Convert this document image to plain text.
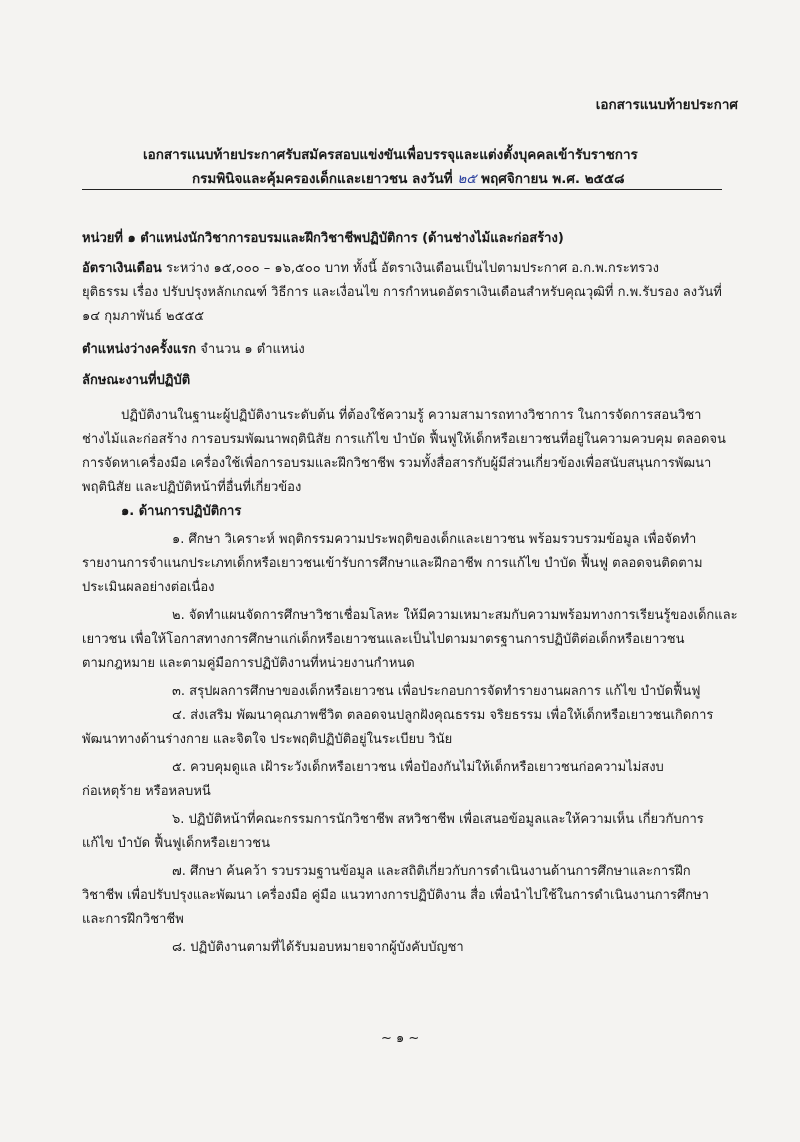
เอกสารแนบท้ายประกาศ
เอกสารแนบท้ายประกาศรับสมัครสอบแข่งขันเพื่อบรรจุและแต่งตั้งบุคคลเข้ารับราชการ
กรมพินิจและคุ้มครองเด็กและเยาวชน ลงวันที่ ๒๕ พฤศจิกายน พ.ศ. ๒๕๕๘
หน่วยที่ ๑ ตำแหน่งนักวิชาการอบรมและฝึกวิชาชีพปฏิบัติการ (ด้านช่างไม้และก่อสร้าง)
อัตราเงินเดือน ระหว่าง ๑๕,๐๐๐ – ๑๖,๕๐๐ บาท ทั้งนี้ อัตราเงินเดือนเป็นไปตามประกาศ อ.ก.พ.กระทรวง
ยุติธรรม เรื่อง ปรับปรุงหลักเกณฑ์ วิธีการ และเงื่อนไข การกำหนดอัตราเงินเดือนสำหรับคุณวุฒิที่ ก.พ.รับรอง ลงวันที่
๑๔ กุมภาพันธ์ ๒๕๕๕
ตำแหน่งว่างครั้งแรก จำนวน ๑ ตำแหน่ง
ลักษณะงานที่ปฏิบัติ
ปฏิบัติงานในฐานะผู้ปฏิบัติงานระดับต้น ที่ต้องใช้ความรู้ ความสามารถทางวิชาการ ในการจัดการสอนวิชา
ช่างไม้และก่อสร้าง การอบรมพัฒนาพฤตินิสัย การแก้ไข บำบัด ฟื้นฟูให้เด็กหรือเยาวชนที่อยู่ในความควบคุม ตลอดจน
การจัดหาเครื่องมือ เครื่องใช้เพื่อการอบรมและฝึกวิชาชีพ รวมทั้งสื่อสารกับผู้มีส่วนเกี่ยวข้องเพื่อสนับสนุนการพัฒนา
พฤตินิสัย และปฏิบัติหน้าที่อื่นที่เกี่ยวข้อง
๑. ด้านการปฏิบัติการ
๑. ศึกษา วิเคราะห์ พฤติกรรมความประพฤติของเด็กและเยาวชน พร้อมรวบรวมข้อมูล เพื่อจัดทำ
รายงานการจำแนกประเภทเด็กหรือเยาวชนเข้ารับการศึกษาและฝึกอาชีพ การแก้ไข บำบัด ฟื้นฟู ตลอดจนติดตาม
ประเมินผลอย่างต่อเนื่อง
๒. จัดทำแผนจัดการศึกษาวิชาเชื่อมโลหะ ให้มีความเหมาะสมกับความพร้อมทางการเรียนรู้ของเด็กและ
เยาวชน เพื่อให้โอกาสทางการศึกษาแก่เด็กหรือเยาวชนและเป็นไปตามมาตรฐานการปฏิบัติต่อเด็กหรือเยาวชน
ตามกฎหมาย และตามคู่มือการปฏิบัติงานที่หน่วยงานกำหนด
๓. สรุปผลการศึกษาของเด็กหรือเยาวชน เพื่อประกอบการจัดทำรายงานผลการ แก้ไข บำบัดฟื้นฟู
๔. ส่งเสริม พัฒนาคุณภาพชีวิต ตลอดจนปลูกฝังคุณธรรม จริยธรรม เพื่อให้เด็กหรือเยาวชนเกิดการ
พัฒนาทางด้านร่างกาย และจิตใจ ประพฤติปฏิบัติอยู่ในระเบียบ วินัย
๕. ควบคุมดูแล เฝ้าระวังเด็กหรือเยาวชน เพื่อป้องกันไม่ให้เด็กหรือเยาวชนก่อความไม่สงบ
ก่อเหตุร้าย หรือหลบหนี
๖. ปฏิบัติหน้าที่คณะกรรมการนักวิชาชีพ สหวิชาชีพ เพื่อเสนอข้อมูลและให้ความเห็น เกี่ยวกับการ
แก้ไข บำบัด ฟื้นฟูเด็กหรือเยาวชน
๗. ศึกษา ค้นคว้า รวบรวมฐานข้อมูล และสถิติเกี่ยวกับการดำเนินงานด้านการศึกษาและการฝึก
วิชาชีพ เพื่อปรับปรุงและพัฒนา เครื่องมือ คู่มือ แนวทางการปฏิบัติงาน สื่อ เพื่อนำไปใช้ในการดำเนินงานการศึกษา
และการฝึกวิชาชีพ
๘. ปฏิบัติงานตามที่ได้รับมอบหมายจากผู้บังคับบัญชา
~ ๑ ~
